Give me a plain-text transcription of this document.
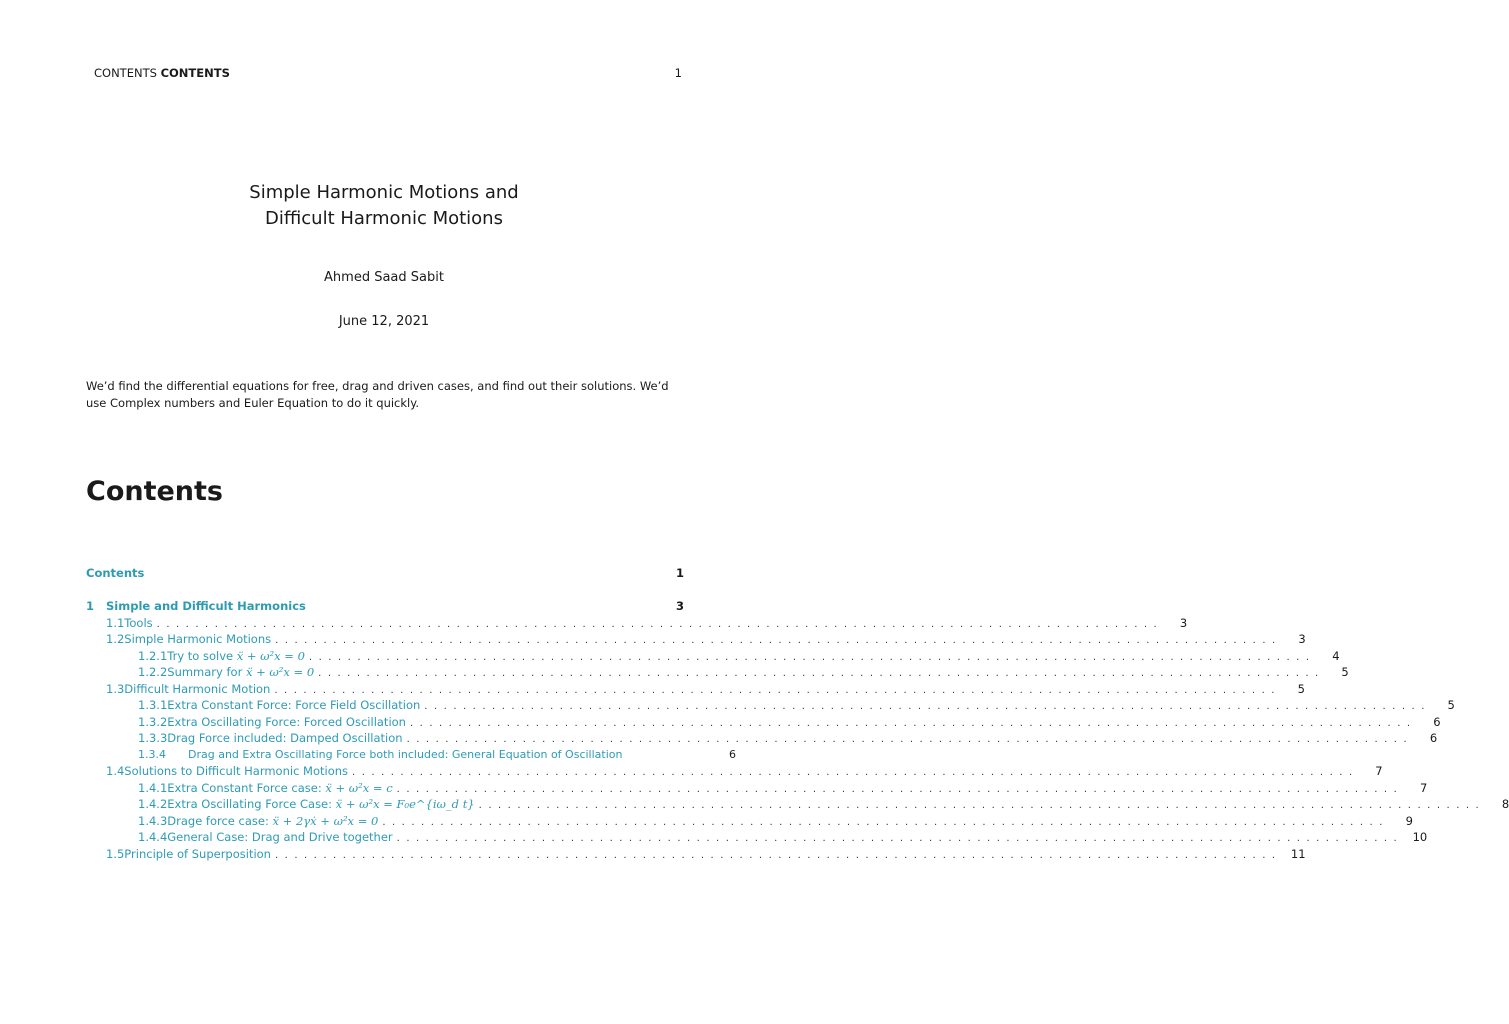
CONTENTS CONTENTS	1
Simple Harmonic Motions and
Difficult Harmonic Motions
Ahmed Saad Sabit
June 12, 2021
We’d find the differential equations for free, drag and driven cases, and find out their solutions. We’d use Complex numbers and Euler Equation to do it quickly.
Contents
Contents	1
1	Simple and Difficult Harmonics	3
1.1 Tools ........................................................................................................	3
1.2 Simple Harmonic Motions ........................................................................................................	3
1.2.1 Try to solve ẍ + ω²x = 0 ........................................................................................................	4
1.2.2 Summary for ẍ + ω²x = 0 ........................................................................................................	5
1.3 Difficult Harmonic Motion ........................................................................................................	5
1.3.1 Extra Constant Force: Force Field Oscillation ........................................................................................................	5
1.3.2 Extra Oscillating Force: Forced Oscillation ........................................................................................................	6
1.3.3 Drag Force included: Damped Oscillation ........................................................................................................	6
1.3.4	Drag and Extra Oscillating Force both included: General Equation of Oscillation	6
1.4 Solutions to Difficult Harmonic Motions ........................................................................................................	7
1.4.1 Extra Constant Force case: ẍ + ω²x = c ........................................................................................................	7
1.4.2 Extra Oscillating Force Case: ẍ + ω²x = F₀e^{iω_d t} ........................................................................................................	8
1.4.3 Drage force case: ẍ + 2γẋ + ω²x = 0 ........................................................................................................	9
1.4.4 General Case: Drag and Drive together ........................................................................................................ 10
1.5 Principle of Superposition ........................................................................................................ 11
